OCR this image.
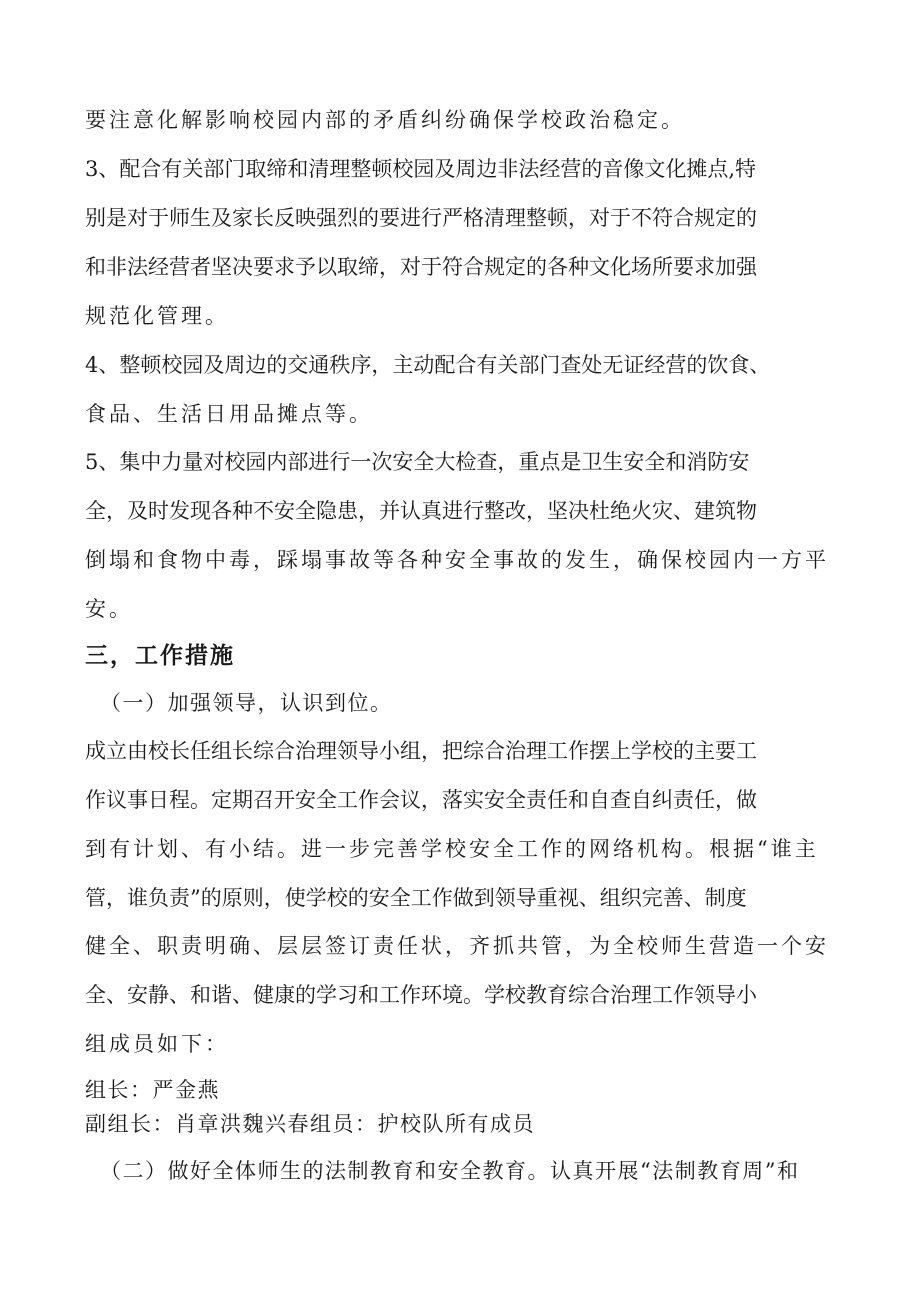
要注意化解影响校园内部的矛盾纠纷确保学校政治稳定。
3、配合有关部门取缔和清理整顿校园及周边非法经营的音像文化摊点,特
别是对于师生及家长反映强烈的要进行严格清理整顿，对于不符合规定的
和非法经营者坚决要求予以取缔，对于符合规定的各种文化场所要求加强
规范化管理。
4、整顿校园及周边的交通秩序，主动配合有关部门查处无证经营的饮食、
食品、生活日用品摊点等。
5、集中力量对校园内部进行一次安全大检查，重点是卫生安全和消防安
全，及时发现各种不安全隐患，并认真进行整改，坚决杜绝火灾、建筑物
倒塌和食物中毒，踩塌事故等各种安全事故的发生，确保校园内一方平
安。
三，工作措施
（一）加强领导，认识到位。
成立由校长任组长综合治理领导小组，把综合治理工作摆上学校的主要工
作议事日程。定期召开安全工作会议，落实安全责任和自查自纠责任，做
到有计划、有小结。进一步完善学校安全工作的网络机构。根据“谁主
管，谁负责”的原则，使学校的安全工作做到领导重视、组织完善、制度
健全、职责明确、层层签订责任状，齐抓共管，为全校师生营造一个安
全、安静、和谐、健康的学习和工作环境。学校教育综合治理工作领导小
组成员如下：
组长：严金燕
副组长：肖章洪魏兴春组员：护校队所有成员
（二）做好全体师生的法制教育和安全教育。认真开展“法制教育周”和
